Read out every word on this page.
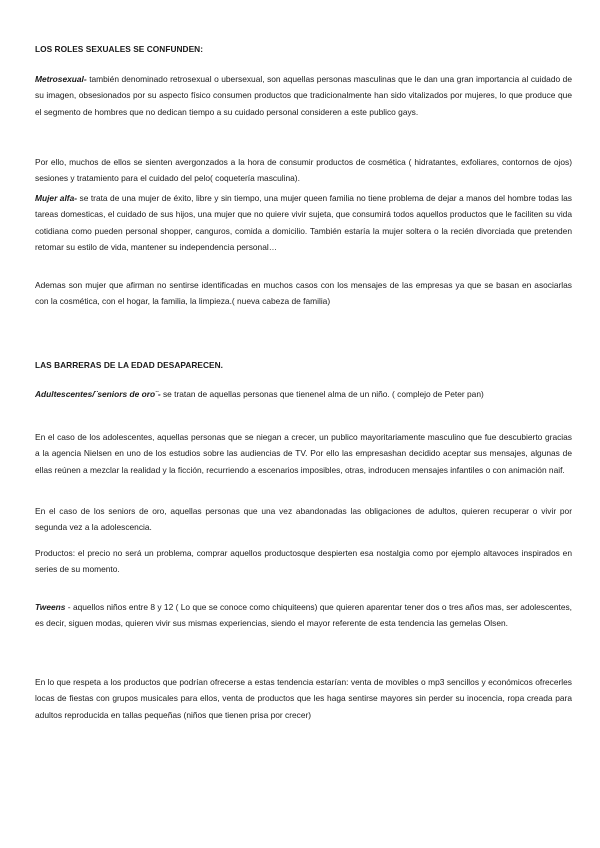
LOS ROLES SEXUALES SE CONFUNDEN:

Metrosexual- también denominado retrosexual o ubersexual, son aquellas personas masculinas que le dan una gran importancia al cuidado de su imagen, obsesionados por su aspecto físico consumen productos que tradicionalmente han sido vitalizados por mujeres, lo que produce que el segmento de hombres que no dedican tiempo a su cuidado personal consideren a este publico gays.

Por ello, muchos de ellos se sienten avergonzados a la hora de consumir productos de cosmética ( hidratantes, exfoliares, contornos de ojos) sesiones y tratamiento para el cuidado del pelo( coquetería masculina).

Mujer alfa- se trata de una mujer de éxito, libre y sin tiempo, una mujer queen familia no tiene problema de dejar a manos del hombre todas las tareas domesticas, el cuidado de sus hijos, una mujer que no quiere vivir sujeta, que consumirá todos aquellos productos que le faciliten su vida cotidiana como pueden personal shopper, canguros, comida a domicilio. También estaría la mujer soltera o la recién divorciada que pretenden retomar su estilo de vida, mantener su independencia personal…

Ademas son mujer que afirman no sentirse identificadas en muchos casos con los mensajes de las empresas ya que se basan en asociarlas con la cosmética, con el hogar, la familia, la limpieza.( nueva cabeza de familia)

LAS BARRERAS DE LA EDAD DESAPARECEN.

Adultescentes/¨seniors de oro¨- se tratan de aquellas personas que tienenel alma de un niño. ( complejo de Peter pan)

En el caso de los adolescentes, aquellas personas que se niegan a crecer, un publico mayoritariamente masculino que fue descubierto gracias a la agencia Nielsen en uno de los estudios sobre las audiencias de TV. Por ello las empresashan decidido aceptar sus mensajes, algunas de ellas reúnen a mezclar la realidad y la ficción, recurriendo a escenarios imposibles, otras, indroducen mensajes infantiles o con animación naif.

En el caso de los seniors de oro, aquellas personas que una vez abandonadas las obligaciones de adultos, quieren recuperar o vivir por segunda vez a la adolescencia.

Productos: el precio no será un problema, comprar aquellos productosque despierten esa nostalgia como por ejemplo altavoces inspirados en series de su momento.

Tweens - aquellos niños entre 8 y 12 ( Lo que se conoce como chiquiteens) que quieren aparentar tener dos o tres años mas, ser adolescentes, es decir, siguen modas, quieren vivir sus mismas experiencias, siendo el mayor referente de esta tendencia las gemelas Olsen.

En lo que respeta a los productos que podrían ofrecerse a estas tendencia estarían: venta de movibles o mp3 sencillos y económicos ofrecerles locas de fiestas con grupos musicales para ellos, venta de productos que les haga sentirse mayores sin perder su inocencia, ropa creada para adultos reproducida en tallas pequeñas (niños que tienen prisa por crecer)
